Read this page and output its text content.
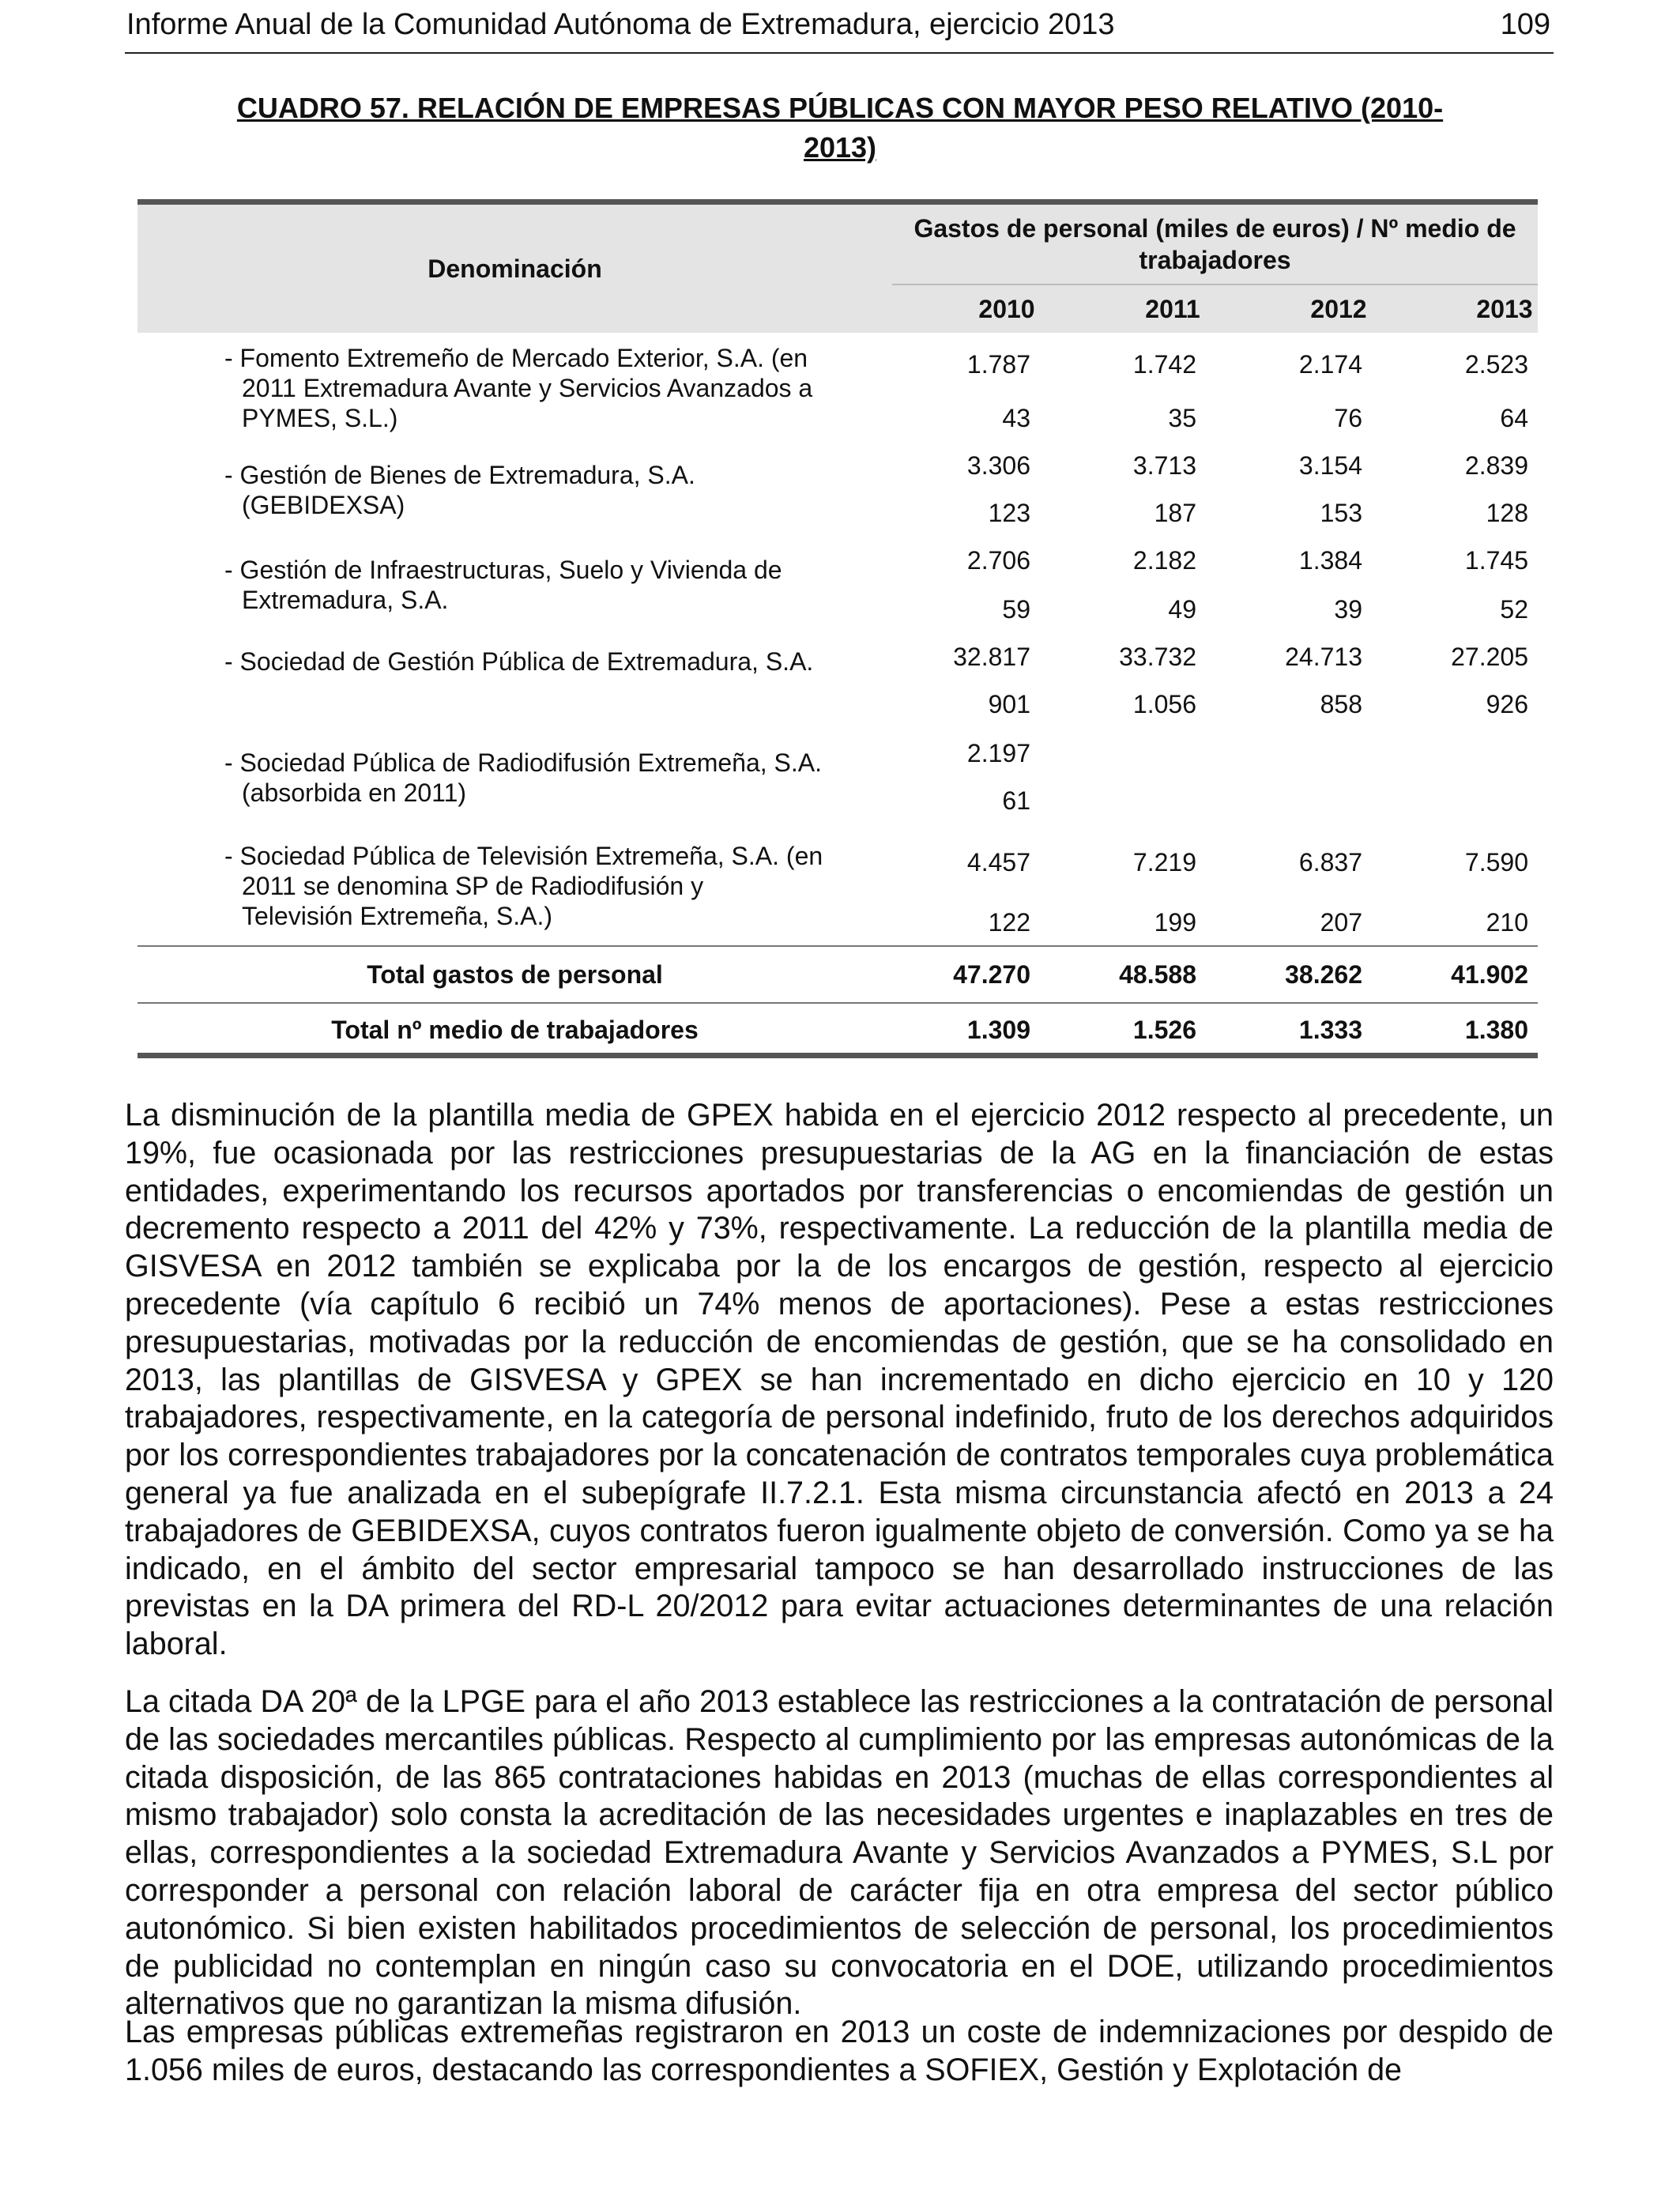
Informe Anual de la Comunidad Autónoma de Extremadura, ejercicio 2013	109
CUADRO 57. RELACIÓN DE EMPRESAS PÚBLICAS CON MAYOR PESO RELATIVO (2010-
2013)
Denominación
Gastos de personal (miles de euros) / Nº medio de trabajadores
2010	2011	2012	2013
- Fomento Extremeño de Mercado Exterior, S.A. (en
2011 Extremadura Avante y Servicios Avanzados a
PYMES, S.L.)
1.787	1.742	2.174	2.523
43	35	76	64
- Gestión de Bienes de Extremadura, S.A.
(GEBIDEXSA)
3.306	3.713	3.154	2.839
123	187	153	128
- Gestión de Infraestructuras, Suelo y Vivienda de
Extremadura, S.A.
2.706	2.182	1.384	1.745
59	49	39	52
- Sociedad de Gestión Pública de Extremadura, S.A.	32.817	33.732	24.713	27.205
901	1.056	858	926
- Sociedad Pública de Radiodifusión Extremeña, S.A.
(absorbida en 2011)
2.197
61
- Sociedad Pública de Televisión Extremeña, S.A. (en
2011 se denomina SP de Radiodifusión y
Televisión Extremeña, S.A.)
4.457	7.219	6.837	7.590
122	199	207	210
Total gastos de personal	47.270	48.588	38.262	41.902
Total nº medio de trabajadores	1.309	1.526	1.333	1.380

La disminución de la plantilla media de GPEX habida en el ejercicio 2012 respecto al precedente, un 19%, fue ocasionada por las restricciones presupuestarias de la AG en la financiación de estas entidades, experimentando los recursos aportados por transferencias o encomiendas de gestión un decremento respecto a 2011 del 42% y 73%, respectivamente. La reducción de la plantilla media de GISVESA en 2012 también se explicaba por la de los encargos de gestión, respecto al ejercicio precedente (vía capítulo 6 recibió un 74% menos de aportaciones). Pese a estas restricciones presupuestarias, motivadas por la reducción de encomiendas de gestión, que se ha consolidado en 2013, las plantillas de GISVESA y GPEX se han incrementado en dicho ejercicio en 10 y 120 trabajadores, respectivamente, en la categoría de personal indefinido, fruto de los derechos adquiridos por los correspondientes trabajadores por la concatenación de contratos temporales cuya problemática general ya fue analizada en el subepígrafe II.7.2.1. Esta misma circunstancia afectó en 2013 a 24 trabajadores de GEBIDEXSA, cuyos contratos fueron igualmente objeto de conversión. Como ya se ha indicado, en el ámbito del sector empresarial tampoco se han desarrollado instrucciones de las previstas en la DA primera del RD-L 20/2012 para evitar actuaciones determinantes de una relación laboral.

La citada DA 20ª de la LPGE para el año 2013 establece las restricciones a la contratación de personal de las sociedades mercantiles públicas. Respecto al cumplimiento por las empresas autonómicas de la citada disposición, de las 865 contrataciones habidas en 2013 (muchas de ellas correspondientes al mismo trabajador) solo consta la acreditación de las necesidades urgentes e inaplazables en tres de ellas, correspondientes a la sociedad Extremadura Avante y Servicios Avanzados a PYMES, S.L por corresponder a personal con relación laboral de carácter fija en otra empresa del sector público autonómico. Si bien existen habilitados procedimientos de selección de personal, los procedimientos de publicidad no contemplan en ningún caso su convocatoria en el DOE, utilizando procedimientos alternativos que no garantizan la misma difusión.

Las empresas públicas extremeñas registraron en 2013 un coste de indemnizaciones por despido de 1.056 miles de euros, destacando las correspondientes a SOFIEX, Gestión y Explotación de
